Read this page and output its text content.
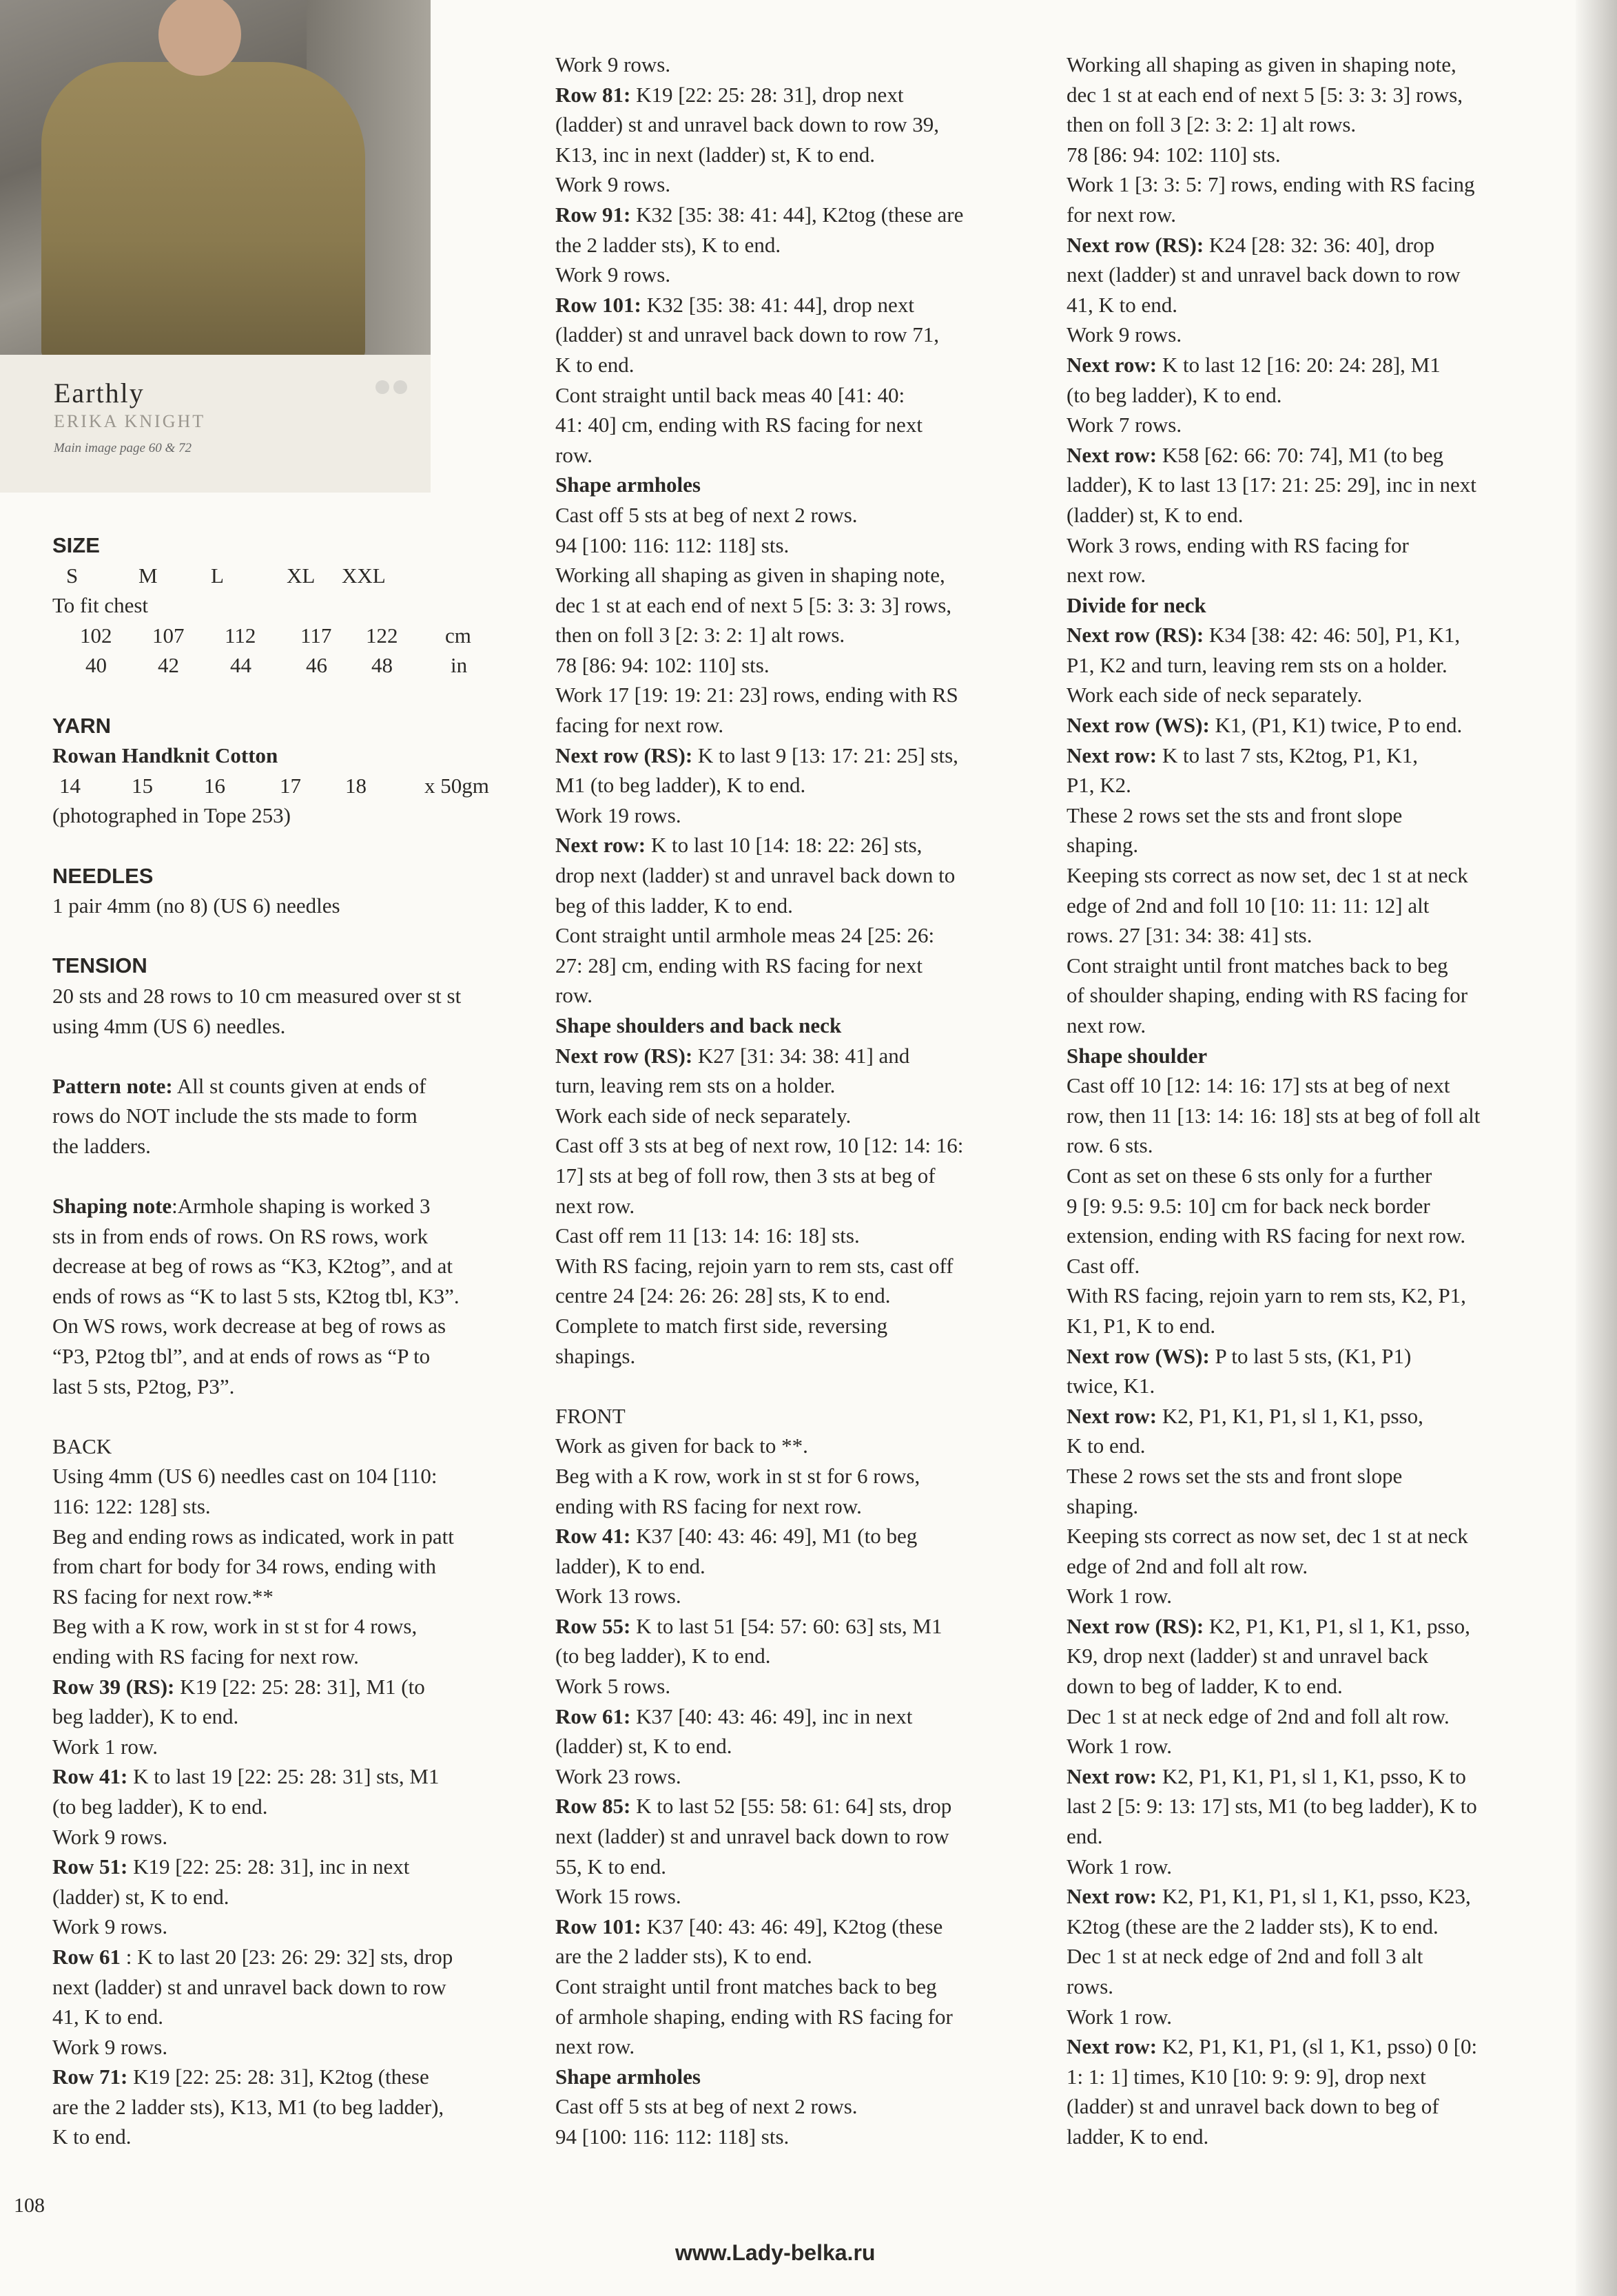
Earthly
ERIKA KNIGHT
Main image page 60 & 72

SIZE

S	M	L	XL	XXL

To fit chest

102	107	112	117	122	cm
40	42	44	46	48	in

YARN

Rowan Handknit Cotton

14	15	16	17	18	x 50gm

(photographed in Tope 253)

NEEDLES

1 pair 4mm (no 8) (US 6) needles

TENSION

20 sts and 28 rows to 10 cm measured over st st

using 4mm (US 6) needles.

Pattern note: All st counts given at ends of

rows do NOT include the sts made to form

the ladders.

Shaping note:Armhole shaping is worked 3

sts in from ends of rows. On RS rows, work

decrease at beg of rows as “K3, K2tog”, and at

ends of rows as “K to last 5 sts, K2tog tbl, K3”.

On WS rows, work decrease at beg of rows as

“P3, P2tog tbl”, and at ends of rows as “P to

last 5 sts, P2tog, P3”.

BACK

Using 4mm (US 6) needles cast on 104 [110:

116: 122: 128] sts.

Beg and ending rows as indicated, work in patt

from chart for body for 34 rows, ending with

RS facing for next row.**

Beg with a K row, work in st st for 4 rows,

ending with RS facing for next row.

Row 39 (RS): K19 [22: 25: 28: 31], M1 (to

beg ladder), K to end.

Work 1 row.

Row 41: K to last 19 [22: 25: 28: 31] sts, M1

(to beg ladder), K to end.

Work 9 rows.

Row 51: K19 [22: 25: 28: 31], inc in next

(ladder) st, K to end.

Work 9 rows.

Row 61 : K to last 20 [23: 26: 29: 32] sts, drop

next (ladder) st and unravel back down to row

41, K to end.

Work 9 rows.

Row 71: K19 [22: 25: 28: 31], K2tog (these

are the 2 ladder sts), K13, M1 (to beg ladder),

K to end.

Work 9 rows.

Row 81: K19 [22: 25: 28: 31], drop next

(ladder) st and unravel back down to row 39,

K13, inc in next (ladder) st, K to end.

Work 9 rows.

Row 91: K32 [35: 38: 41: 44], K2tog (these are

the 2 ladder sts), K to end.

Work 9 rows.

Row 101: K32 [35: 38: 41: 44], drop next

(ladder) st and unravel back down to row 71,

K to end.

Cont straight until back meas 40 [41: 40:

41: 40] cm, ending with RS facing for next

row.

Shape armholes

Cast off 5 sts at beg of next 2 rows.

94 [100: 116: 112: 118] sts.

Working all shaping as given in shaping note,

dec 1 st at each end of next 5 [5: 3: 3: 3] rows,

then on foll 3 [2: 3: 2: 1] alt rows.

78 [86: 94: 102: 110] sts.

Work 17 [19: 19: 21: 23] rows, ending with RS

facing for next row.

Next row (RS): K to last 9 [13: 17: 21: 25] sts,

M1 (to beg ladder), K to end.

Work 19 rows.

Next row: K to last 10 [14: 18: 22: 26] sts,

drop next (ladder) st and unravel back down to

beg of this ladder, K to end.

Cont straight until armhole meas 24 [25: 26:

27: 28] cm, ending with RS facing for next

row.

Shape shoulders and back neck

Next row (RS): K27 [31: 34: 38: 41] and

turn, leaving rem sts on a holder.

Work each side of neck separately.

Cast off 3 sts at beg of next row, 10 [12: 14: 16:

17] sts at beg of foll row, then 3 sts at beg of

next row.

Cast off rem 11 [13: 14: 16: 18] sts.

With RS facing, rejoin yarn to rem sts, cast off

centre 24 [24: 26: 26: 28] sts, K to end.

Complete to match first side, reversing

shapings.

FRONT

Work as given for back to **.

Beg with a K row, work in st st for 6 rows,

ending with RS facing for next row.

Row 41: K37 [40: 43: 46: 49], M1 (to beg

ladder), K to end.

Work 13 rows.

Row 55: K to last 51 [54: 57: 60: 63] sts, M1

(to beg ladder), K to end.

Work 5 rows.

Row 61: K37 [40: 43: 46: 49], inc in next

(ladder) st, K to end.

Work 23 rows.

Row 85: K to last 52 [55: 58: 61: 64] sts, drop

next (ladder) st and unravel back down to row

55, K to end.

Work 15 rows.

Row 101: K37 [40: 43: 46: 49], K2tog (these

are the 2 ladder sts), K to end.

Cont straight until front matches back to beg

of armhole shaping, ending with RS facing for

next row.

Shape armholes

Cast off 5 sts at beg of next 2 rows.

94 [100: 116: 112: 118] sts.

Working all shaping as given in shaping note,

dec 1 st at each end of next 5 [5: 3: 3: 3] rows,

then on foll 3 [2: 3: 2: 1] alt rows.

78 [86: 94: 102: 110] sts.

Work 1 [3: 3: 5: 7] rows, ending with RS facing

for next row.

Next row (RS): K24 [28: 32: 36: 40], drop

next (ladder) st and unravel back down to row

41, K to end.

Work 9 rows.

Next row: K to last 12 [16: 20: 24: 28], M1

(to beg ladder), K to end.

Work 7 rows.

Next row: K58 [62: 66: 70: 74], M1 (to beg

ladder), K to last 13 [17: 21: 25: 29], inc in next

(ladder) st, K to end.

Work 3 rows, ending with RS facing for

next row.

Divide for neck

Next row (RS): K34 [38: 42: 46: 50], P1, K1,

P1, K2 and turn, leaving rem sts on a holder.

Work each side of neck separately.

Next row (WS): K1, (P1, K1) twice, P to end.

Next row: K to last 7 sts, K2tog, P1, K1,

P1, K2.

These 2 rows set the sts and front slope

shaping.

Keeping sts correct as now set, dec 1 st at neck

edge of 2nd and foll 10 [10: 11: 11: 12] alt

rows. 27 [31: 34: 38: 41] sts.

Cont straight until front matches back to beg

of shoulder shaping, ending with RS facing for

next row.

Shape shoulder

Cast off 10 [12: 14: 16: 17] sts at beg of next

row, then 11 [13: 14: 16: 18] sts at beg of foll alt

row. 6 sts.

Cont as set on these 6 sts only for a further

9 [9: 9.5: 9.5: 10] cm for back neck border

extension, ending with RS facing for next row.

Cast off.

With RS facing, rejoin yarn to rem sts, K2, P1,

K1, P1, K to end.

Next row (WS): P to last 5 sts, (K1, P1)

twice, K1.

Next row: K2, P1, K1, P1, sl 1, K1, psso,

K to end.

These 2 rows set the sts and front slope

shaping.

Keeping sts correct as now set, dec 1 st at neck

edge of 2nd and foll alt row.

Work 1 row.

Next row (RS): K2, P1, K1, P1, sl 1, K1, psso,

K9, drop next (ladder) st and unravel back

down to beg of ladder, K to end.

Dec 1 st at neck edge of 2nd and foll alt row.

Work 1 row.

Next row: K2, P1, K1, P1, sl 1, K1, psso, K to

last 2 [5: 9: 13: 17] sts, M1 (to beg ladder), K to

end.

Work 1 row.

Next row: K2, P1, K1, P1, sl 1, K1, psso, K23,

K2tog (these are the 2 ladder sts), K to end.

Dec 1 st at neck edge of 2nd and foll 3 alt

rows.

Work 1 row.

Next row: K2, P1, K1, P1, (sl 1, K1, psso) 0 [0:

1: 1: 1] times, K10 [10: 9: 9: 9], drop next

(ladder) st and unravel back down to beg of

ladder, K to end.

108
www.Lady-belka.ru
